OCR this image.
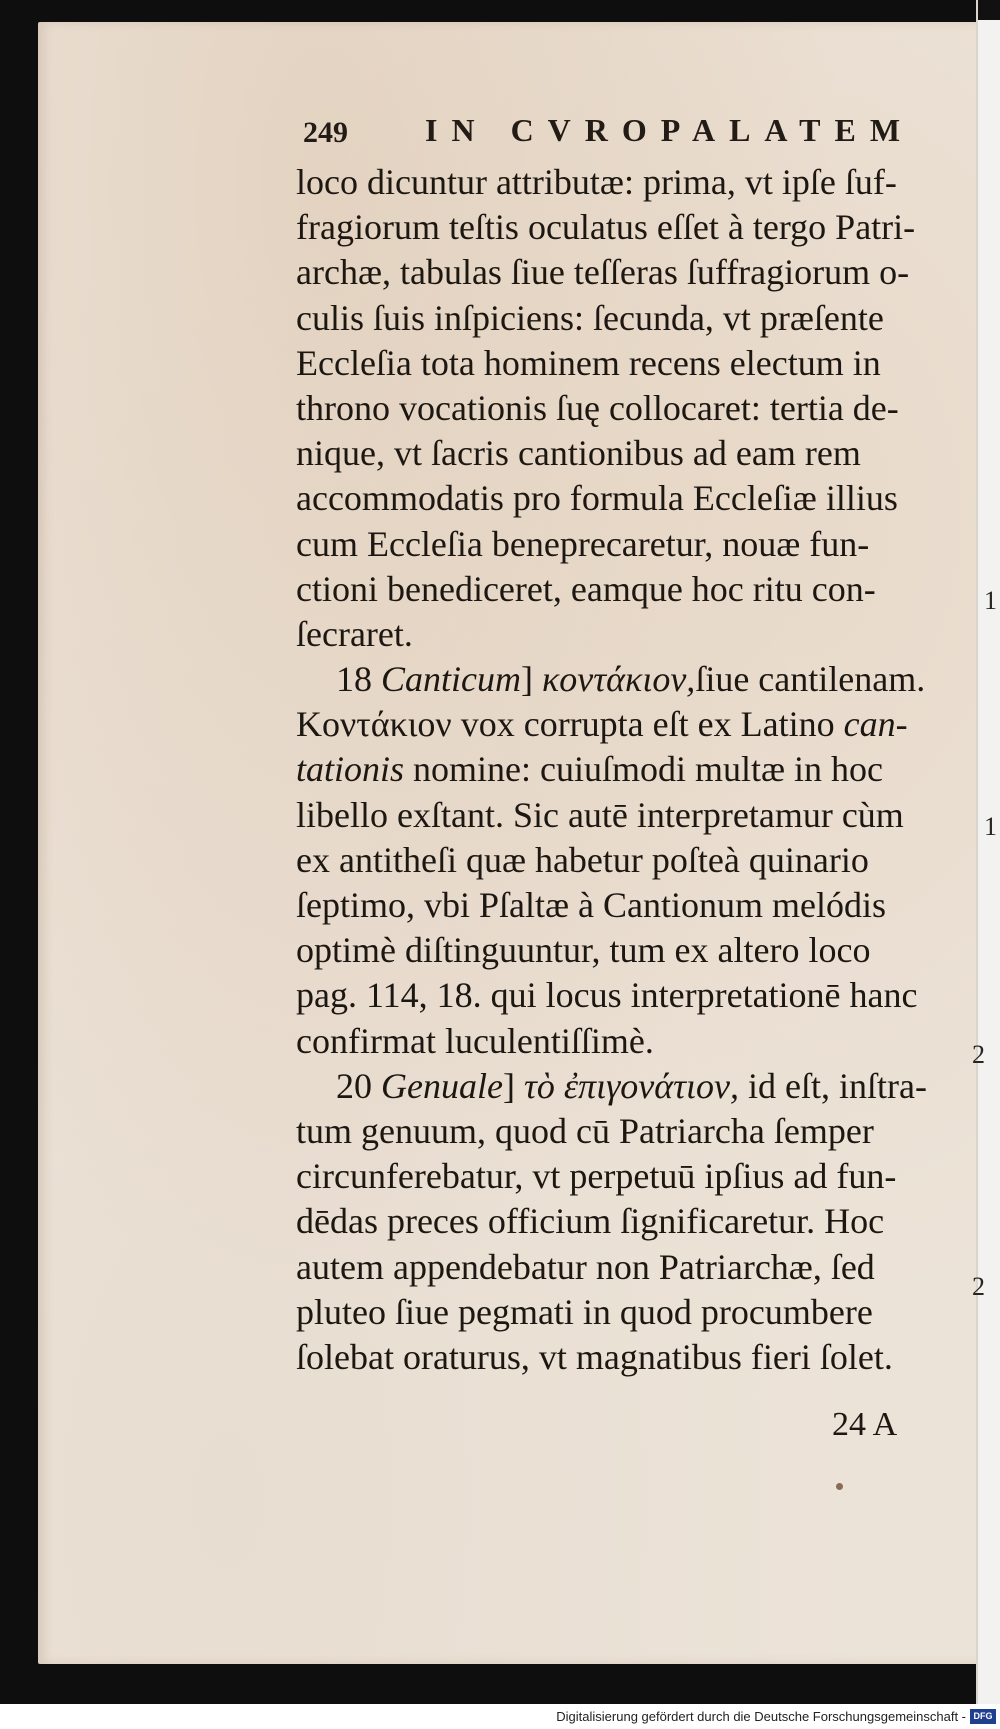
249 IN CVROPALATEM
loco dicuntur attributæ: prima, vt ipſe ſuf-
fragiorum teſtis oculatus eſſet à tergo Patri-
archæ, tabulas ſiue teſſeras ſuffragiorum o-
culis ſuis inſpiciens: ſecunda, vt præſente
Eccleſia tota hominem recens electum in
throno vocationis ſuę collocaret: tertia de-
nique, vt ſacris cantionibus ad eam rem
accommodatis pro formula Eccleſiæ illius
cum Eccleſia beneprecaretur, nouæ fun-
ctioni benediceret, eamque hoc ritu con-
ſecraret.
18 Canticum] κοντάκιον,ſiue cantilenam.
Κοντάκιον vox corrupta eſt ex Latino can-
tationis nomine: cuiuſmodi multæ in hoc
libello exſtant. Sic autē interpretamur cùm
ex antitheſi quæ habetur poſteà quinario
ſeptimo, vbi Pſaltæ à Cantionum melódis
optimè diſtinguuntur, tum ex altero loco
pag. 114, 18. qui locus interpretationē hanc
confirmat luculentiſſimè.
20 Genuale] τὸ ἐπιγονάτιον, id eſt, inſtra-
tum genuum, quod cū Patriarcha ſemper
circunferebatur, vt perpetuū ipſius ad fun-
dēdas preces officium ſignificaretur. Hoc
autem appendebatur non Patriarchæ, ſed
pluteo ſiue pegmati in quod procumbere
ſolebat oraturus, vt magnatibus fieri ſolet.
1
1
2
2
24 A
Digitalisierung gefördert durch die Deutsche Forschungsgemeinschaft - DFG
